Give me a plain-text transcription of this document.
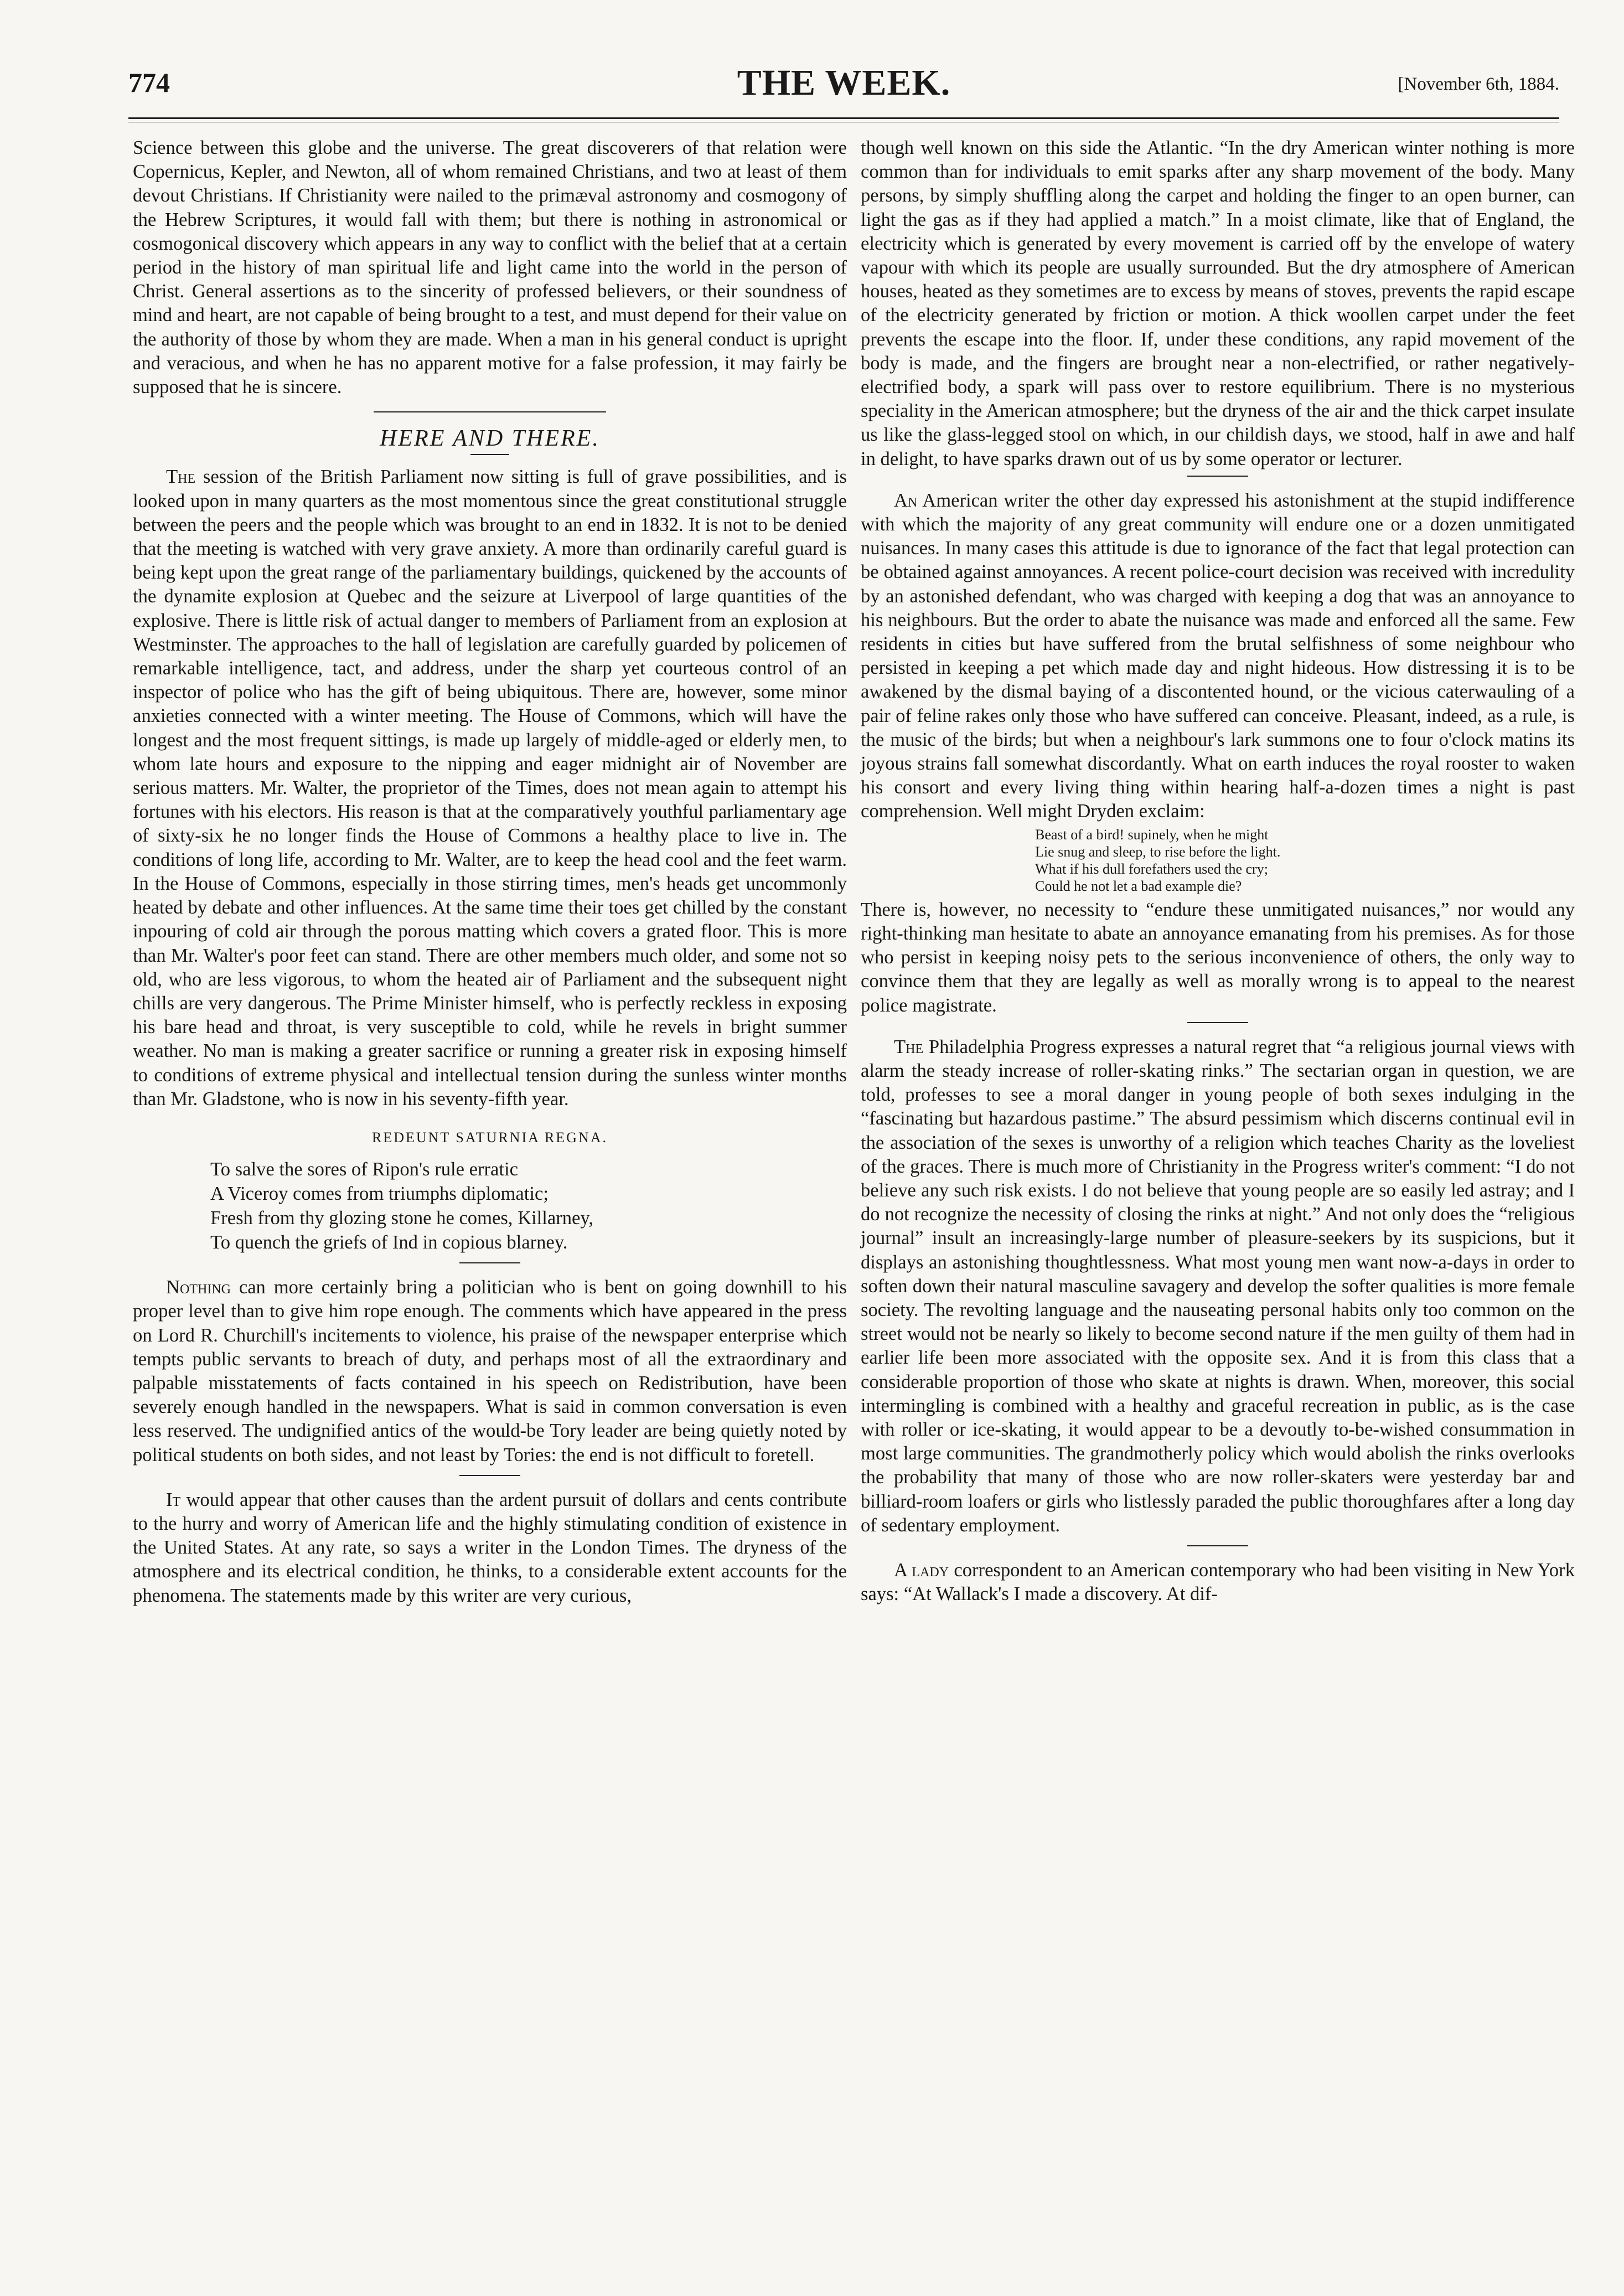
774	THE WEEK.	[November 6th, 1884.

Science between this globe and the universe. The great discoverers of that relation were Copernicus, Kepler, and Newton, all of whom remained Christians, and two at least of them devout Christians. If Christianity were nailed to the primæval astronomy and cosmogony of the Hebrew Scriptures, it would fall with them; but there is nothing in astronomical or cosmogonical discovery which appears in any way to conflict with the belief that at a certain period in the history of man spiritual life and light came into the world in the person of Christ. General assertions as to the sincerity of professed believers, or their soundness of mind and heart, are not capable of being brought to a test, and must depend for their value on the authority of those by whom they are made. When a man in his general conduct is upright and veracious, and when he has no apparent motive for a false profession, it may fairly be supposed that he is sincere.

HERE AND THERE.

The session of the British Parliament now sitting is full of grave possibilities, and is looked upon in many quarters as the most momentous since the great constitutional struggle between the peers and the people which was brought to an end in 1832. It is not to be denied that the meeting is watched with very grave anxiety. A more than ordinarily careful guard is being kept upon the great range of the parliamentary buildings, quickened by the accounts of the dynamite explosion at Quebec and the seizure at Liverpool of large quantities of the explosive. There is little risk of actual danger to members of Parliament from an explosion at Westminster. The approaches to the hall of legislation are carefully guarded by policemen of remarkable intelligence, tact, and address, under the sharp yet courteous control of an inspector of police who has the gift of being ubiquitous. There are, however, some minor anxieties connected with a winter meeting. The House of Commons, which will have the longest and the most frequent sittings, is made up largely of middle-aged or elderly men, to whom late hours and exposure to the nipping and eager midnight air of November are serious matters. Mr. Walter, the proprietor of the Times, does not mean again to attempt his fortunes with his electors. His reason is that at the comparatively youthful parliamentary age of sixty-six he no longer finds the House of Commons a healthy place to live in. The conditions of long life, according to Mr. Walter, are to keep the head cool and the feet warm. In the House of Commons, especially in those stirring times, men's heads get uncommonly heated by debate and other influences. At the same time their toes get chilled by the constant inpouring of cold air through the porous matting which covers a grated floor. This is more than Mr. Walter's poor feet can stand. There are other members much older, and some not so old, who are less vigorous, to whom the heated air of Parliament and the subsequent night chills are very dangerous. The Prime Minister himself, who is perfectly reckless in exposing his bare head and throat, is very susceptible to cold, while he revels in bright summer weather. No man is making a greater sacrifice or running a greater risk in exposing himself to conditions of extreme physical and intellectual tension during the sunless winter months than Mr. Gladstone, who is now in his seventy-fifth year.

REDEUNT SATURNIA REGNA.
To salve the sores of Ripon's rule erratic
A Viceroy comes from triumphs diplomatic;
Fresh from thy glozing stone he comes, Killarney,
To quench the griefs of Ind in copious blarney.

Nothing can more certainly bring a politician who is bent on going downhill to his proper level than to give him rope enough. The comments which have appeared in the press on Lord R. Churchill's incitements to violence, his praise of the newspaper enterprise which tempts public servants to breach of duty, and perhaps most of all the extraordinary and palpable misstatements of facts contained in his speech on Redistribution, have been severely enough handled in the newspapers. What is said in common conversation is even less reserved. The undignified antics of the would-be Tory leader are being quietly noted by political students on both sides, and not least by Tories: the end is not difficult to foretell.

It would appear that other causes than the ardent pursuit of dollars and cents contribute to the hurry and worry of American life and the highly stimulating condition of existence in the United States. At any rate, so says a writer in the London Times. The dryness of the atmosphere and its electrical condition, he thinks, to a considerable extent accounts for the phenomena. The statements made by this writer are very curious,

though well known on this side the Atlantic. “In the dry American winter nothing is more common than for individuals to emit sparks after any sharp movement of the body. Many persons, by simply shuffling along the carpet and holding the finger to an open burner, can light the gas as if they had applied a match.” In a moist climate, like that of England, the electricity which is generated by every movement is carried off by the envelope of watery vapour with which its people are usually surrounded. But the dry atmosphere of American houses, heated as they sometimes are to excess by means of stoves, prevents the rapid escape of the electricity generated by friction or motion. A thick woollen carpet under the feet prevents the escape into the floor. If, under these conditions, any rapid movement of the body is made, and the fingers are brought near a non-electrified, or rather negatively-electrified body, a spark will pass over to restore equilibrium. There is no mysterious speciality in the American atmosphere; but the dryness of the air and the thick carpet insulate us like the glass-legged stool on which, in our childish days, we stood, half in awe and half in delight, to have sparks drawn out of us by some operator or lecturer.

An American writer the other day expressed his astonishment at the stupid indifference with which the majority of any great community will endure one or a dozen unmitigated nuisances. In many cases this attitude is due to ignorance of the fact that legal protection can be obtained against annoyances. A recent police-court decision was received with incredulity by an astonished defendant, who was charged with keeping a dog that was an annoyance to his neighbours. But the order to abate the nuisance was made and enforced all the same. Few residents in cities but have suffered from the brutal selfishness of some neighbour who persisted in keeping a pet which made day and night hideous. How distressing it is to be awakened by the dismal baying of a discontented hound, or the vicious caterwauling of a pair of feline rakes only those who have suffered can conceive. Pleasant, indeed, as a rule, is the music of the birds; but when a neighbour's lark summons one to four o'clock matins its joyous strains fall somewhat discordantly. What on earth induces the royal rooster to waken his consort and every living thing within hearing half-a-dozen times a night is past comprehension. Well might Dryden exclaim:

Beast of a bird! supinely, when he might
Lie snug and sleep, to rise before the light.
What if his dull forefathers used the cry;
Could he not let a bad example die?

There is, however, no necessity to “endure these unmitigated nuisances,” nor would any right-thinking man hesitate to abate an annoyance emanating from his premises. As for those who persist in keeping noisy pets to the serious inconvenience of others, the only way to convince them that they are legally as well as morally wrong is to appeal to the nearest police magistrate.

The Philadelphia Progress expresses a natural regret that “a religious journal views with alarm the steady increase of roller-skating rinks.” The sectarian organ in question, we are told, professes to see a moral danger in young people of both sexes indulging in the “fascinating but hazardous pastime.” The absurd pessimism which discerns continual evil in the association of the sexes is unworthy of a religion which teaches Charity as the loveliest of the graces. There is much more of Christianity in the Progress writer's comment: “I do not believe any such risk exists. I do not believe that young people are so easily led astray; and I do not recognize the necessity of closing the rinks at night.” And not only does the “religious journal” insult an increasingly-large number of pleasure-seekers by its suspicions, but it displays an astonishing thoughtlessness. What most young men want now-a-days in order to soften down their natural masculine savagery and develop the softer qualities is more female society. The revolting language and the nauseating personal habits only too common on the street would not be nearly so likely to become second nature if the men guilty of them had in earlier life been more associated with the opposite sex. And it is from this class that a considerable proportion of those who skate at nights is drawn. When, moreover, this social intermingling is combined with a healthy and graceful recreation in public, as is the case with roller or ice-skating, it would appear to be a devoutly to-be-wished consummation in most large communities. The grandmotherly policy which would abolish the rinks overlooks the probability that many of those who are now roller-skaters were yesterday bar and billiard-room loafers or girls who listlessly paraded the public thoroughfares after a long day of sedentary employment.

A lady correspondent to an American contemporary who had been visiting in New York says: “At Wallack's I made a discovery. At dif-
